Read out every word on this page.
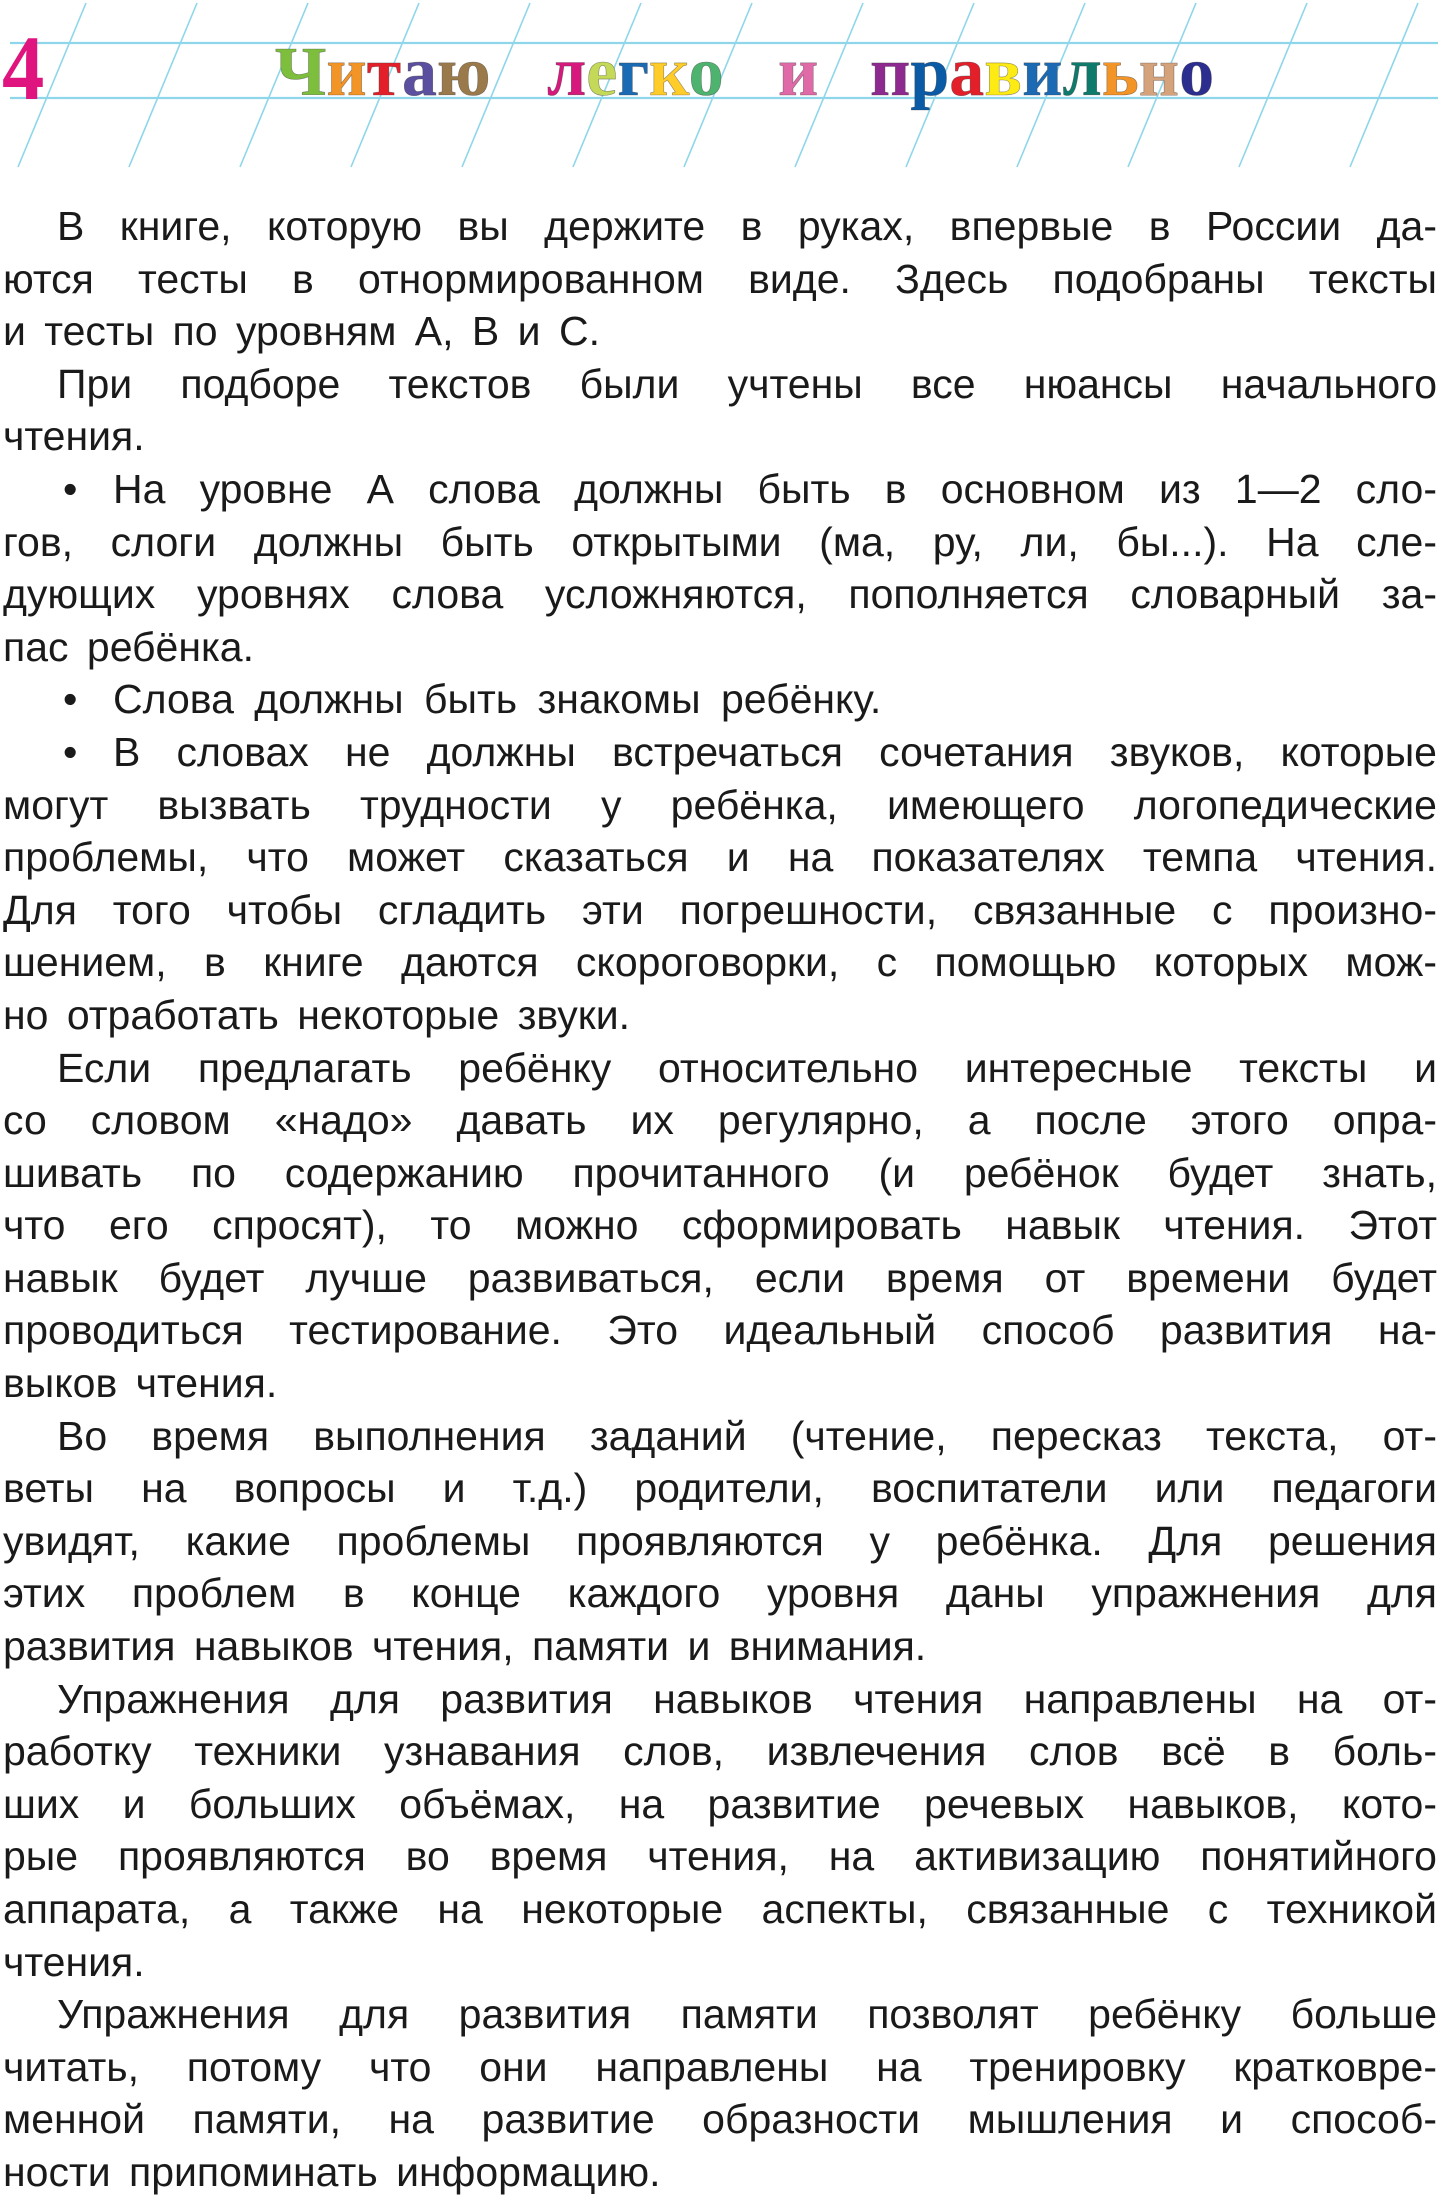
4	Читаю легко и правильно
В книге, которую вы держите в руках, впервые в России да-
ются тесты в отнормированном виде. Здесь подобраны тексты
и тесты по уровням А, В и С.
При подборе текстов были учтены все нюансы начального
чтения.
• На уровне А слова должны быть в основном из 1—2 сло-
гов, слоги должны быть открытыми (ма, ру, ли, бы...). На сле-
дующих уровнях слова усложняются, пополняется словарный за-
пас ребёнка.
• Слова должны быть знакомы ребёнку.
• В словах не должны встречаться сочетания звуков, которые
могут вызвать трудности у ребёнка, имеющего логопедические
проблемы, что может сказаться и на показателях темпа чтения.
Для того чтобы сгладить эти погрешности, связанные с произно-
шением, в книге даются скороговорки, с помощью которых мож-
но отработать некоторые звуки.
Если предлагать ребёнку относительно интересные тексты и
со словом «надо» давать их регулярно, а после этого опра-
шивать по содержанию прочитанного (и ребёнок будет знать,
что его спросят), то можно сформировать навык чтения. Этот
навык будет лучше развиваться, если время от времени будет
проводиться тестирование. Это идеальный способ развития на-
выков чтения.
Во время выполнения заданий (чтение, пересказ текста, от-
веты на вопросы и т.д.) родители, воспитатели или педагоги
увидят, какие проблемы проявляются у ребёнка. Для решения
этих проблем в конце каждого уровня даны упражнения для
развития навыков чтения, памяти и внимания.
Упражнения для развития навыков чтения направлены на от-
работку техники узнавания слов, извлечения слов всё в боль-
ших и больших объёмах, на развитие речевых навыков, кото-
рые проявляются во время чтения, на активизацию понятийного
аппарата, а также на некоторые аспекты, связанные с техникой
чтения.
Упражнения для развития памяти позволят ребёнку больше
читать, потому что они направлены на тренировку кратковре-
менной памяти, на развитие образности мышления и способ-
ности припоминать информацию.
